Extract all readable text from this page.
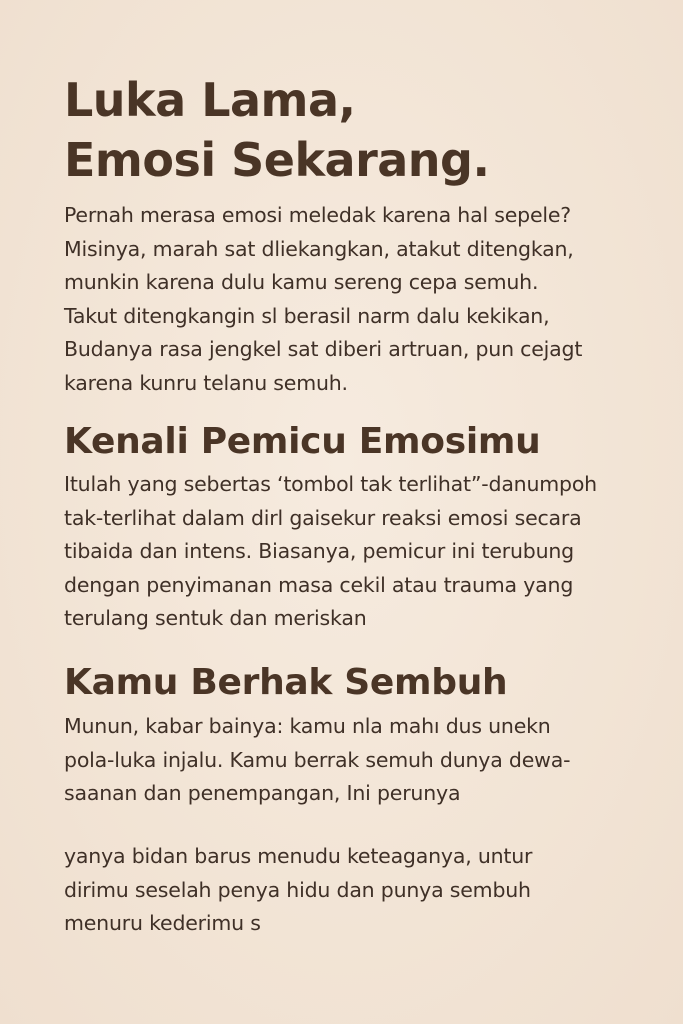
Luka Lama,
Emosi Sekarang.

Pernah merasa emosi meledak karena hal sepele?
Misinya, marah sat dliekangkan, atakut ditengkan,
munkin karena dulu kamu sereng cepa semuh.
Takut ditengkangin sl berasil narm dalu kekikan,
Budanya rasa jengkel sat diberi artruan, pun cejagt
karena kunru telanu semuh.

Kenali Pemicu Emosimu

Itulah yang sebertas ‘tombol tak terlihat”-danumpoh
tak-terlihat dalam dirl gaisekur reaksi emosi secara
tibaida dan intens. Biasanya, pemicur ini terubung
dengan penyimanan masa cekil atau trauma yang
terulang sentuk dan meriskan

Kamu Berhak Sembuh

Munun, kabar bainya: kamu nla mahı dus unekn
pola-luka injalu. Kamu berrak semuh dunya dewa-
saanan dan penempangan, Ini perunya

yanya bidan barus menudu keteaganya, untur
dirimu seselah penya hidu dan punya sembuh
menuru kederimu s
